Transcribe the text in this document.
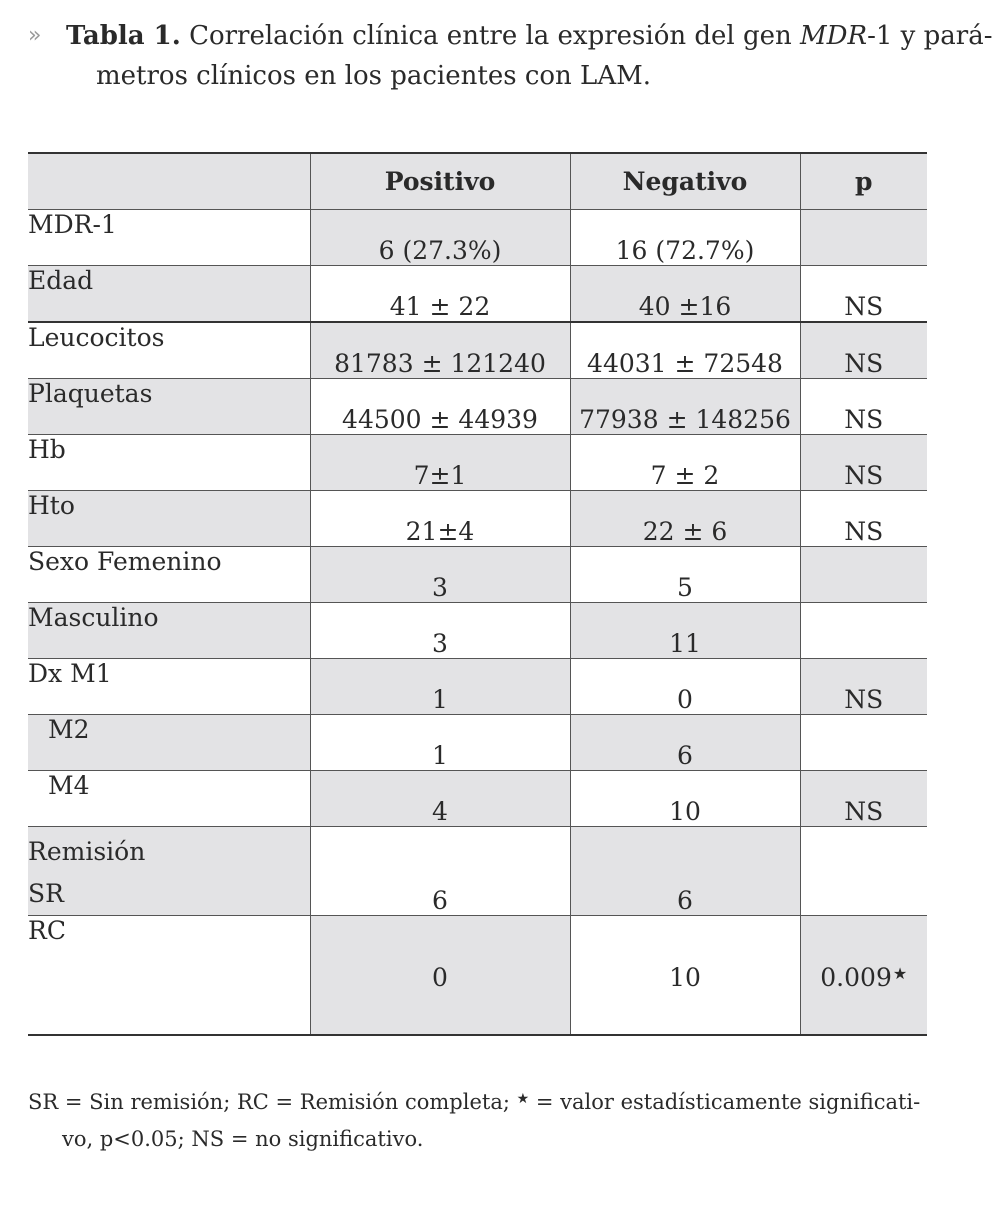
» Tabla 1. Correlación clínica entre la expresión del gen MDR-1 y pará-
metros clínicos en los pacientes con LAM.
	Positivo	Negativo	p
MDR-1	6 (27.3%)	16 (72.7%)	
Edad	41 ± 22	40 ±16	NS
Leucocitos	81783 ± 121240	44031 ± 72548	NS
Plaquetas	44500 ± 44939	77938 ± 148256	NS
Hb	7±1	7 ± 2	NS
Hto	21±4	22 ± 6	NS
Sexo Femenino	3	5	
Masculino	3	11	
Dx M1	1	0	NS
M2	1	6	
M4	4	10	NS

Remisión
SR	6	6	
RC	0	10	0.009★
SR = Sin remisión; RC = Remisión completa; ★ = valor estadísticamente significati-
vo, p<0.05; NS = no significativo.
